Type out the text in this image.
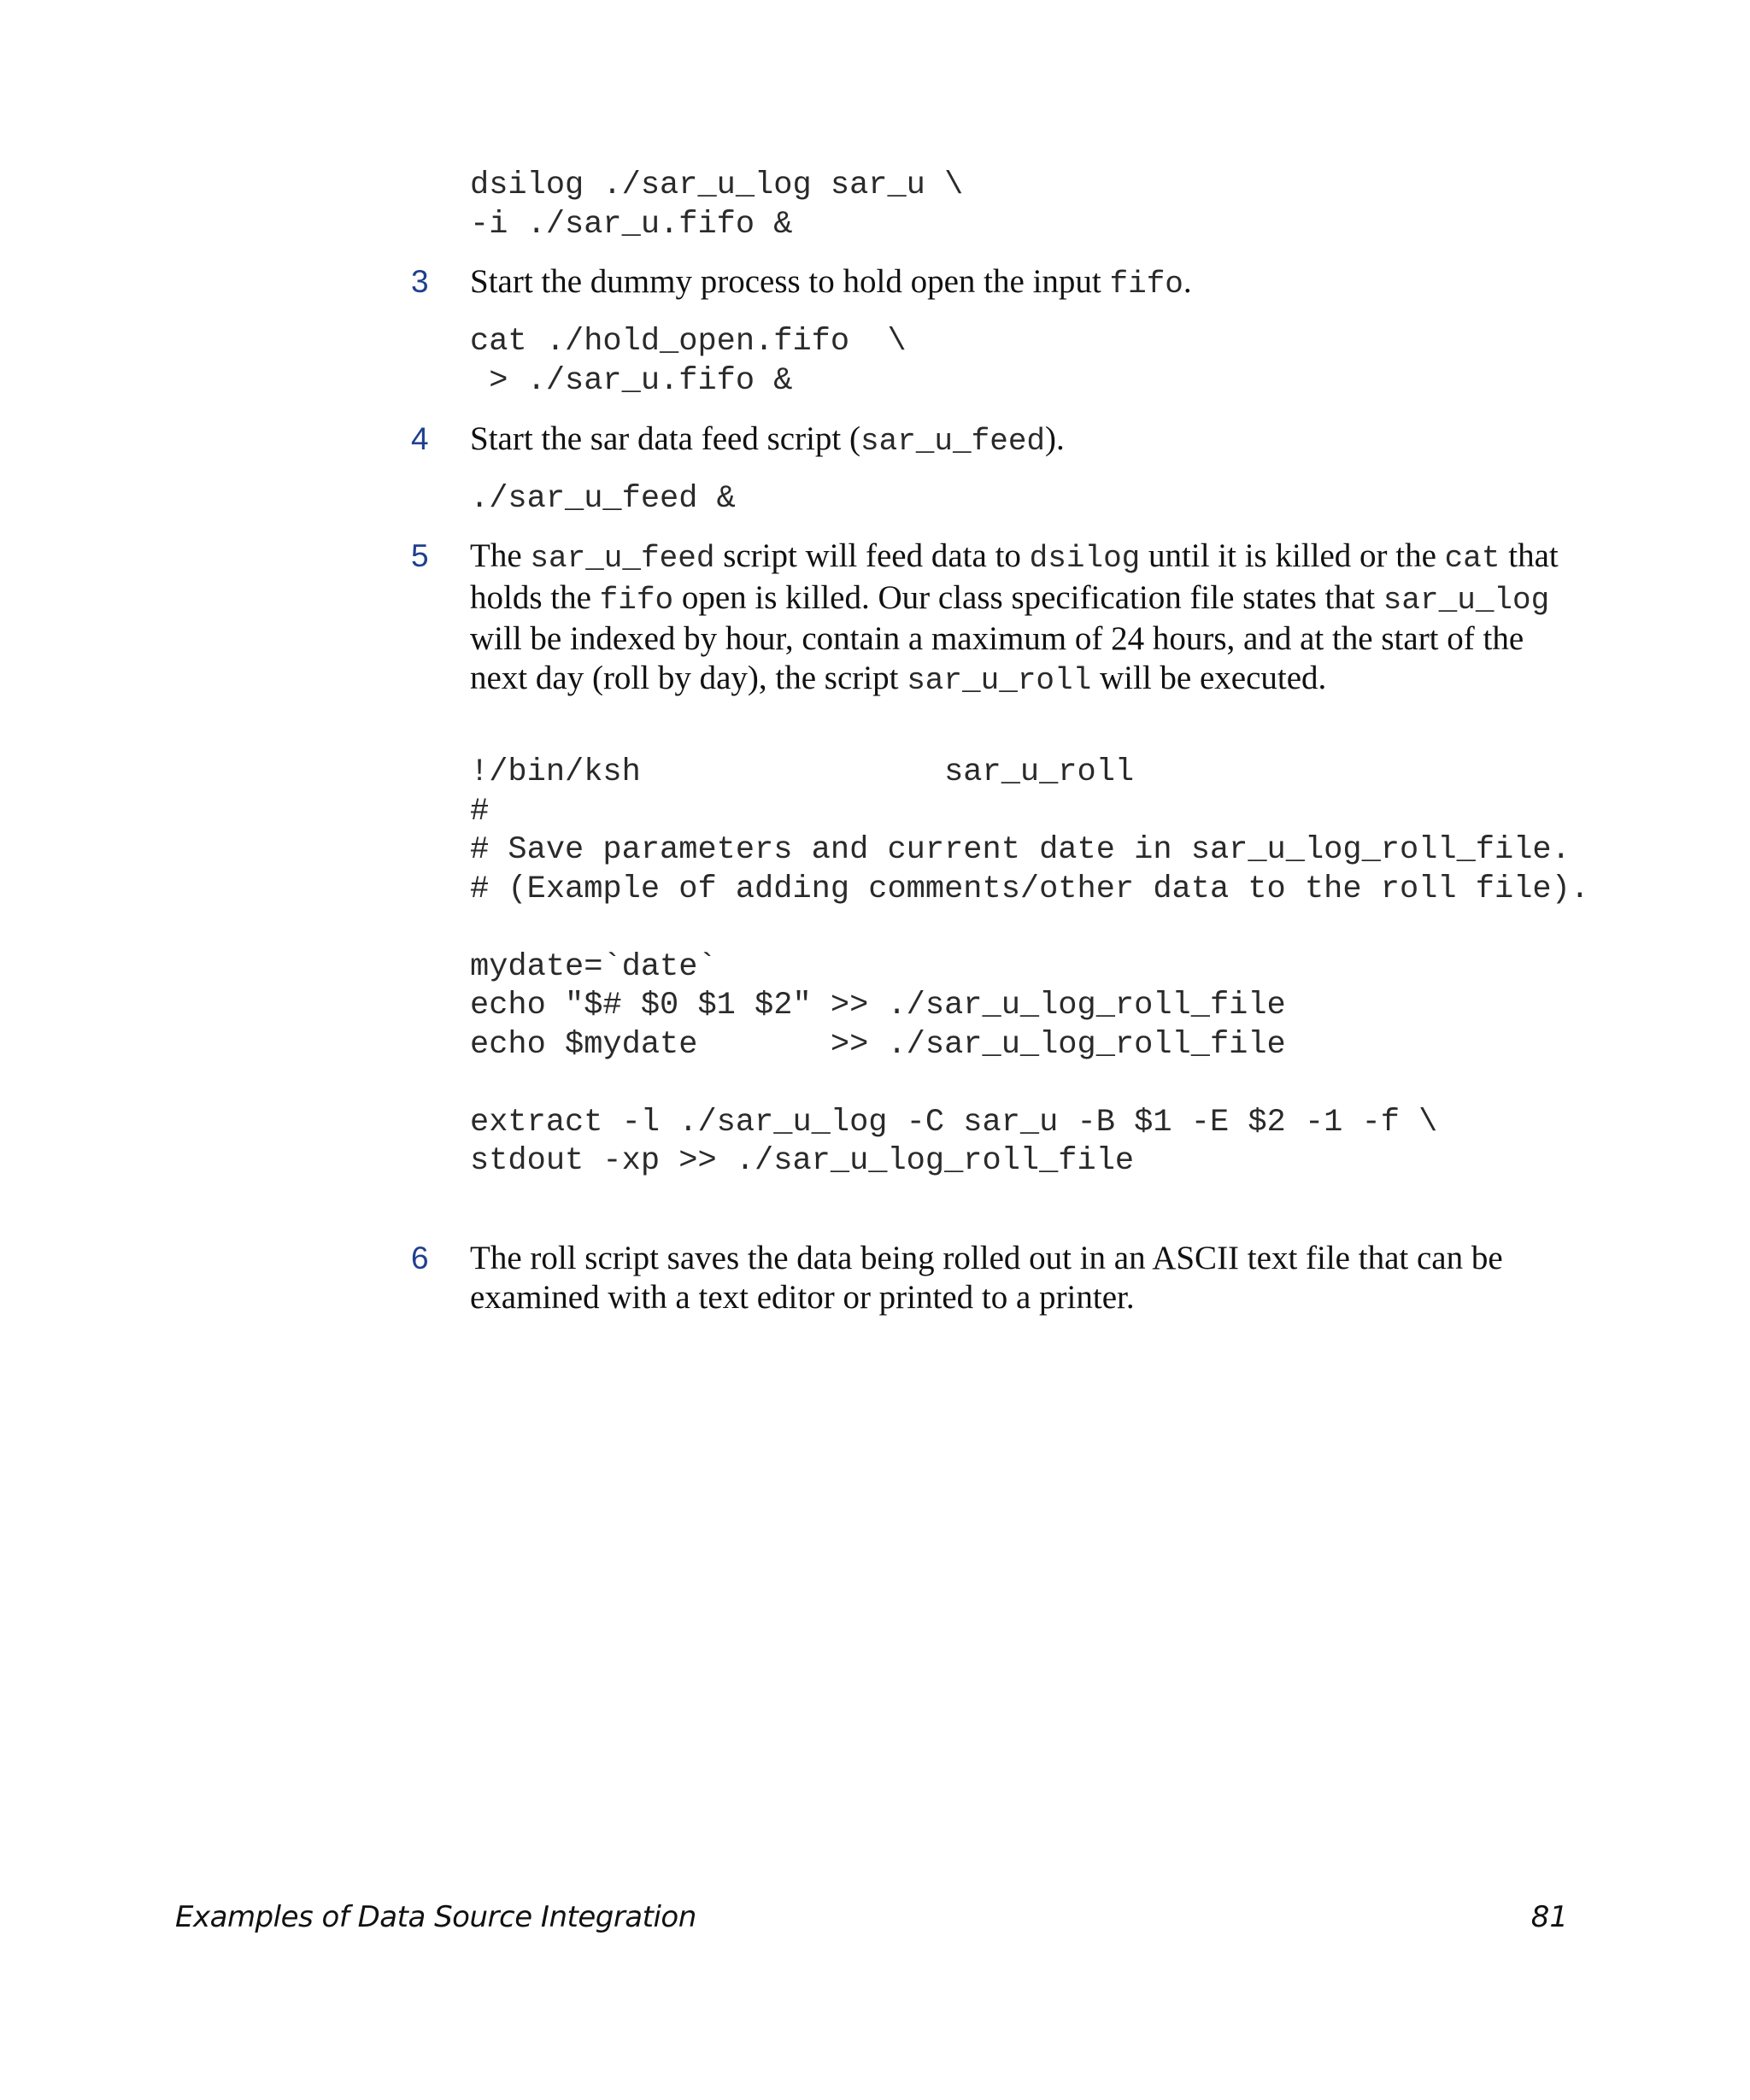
dsilog ./sar_u_log sar_u \
-i ./sar_u.fifo &
3 Start the dummy process to hold open the input fifo.
cat ./hold_open.fifo  \
> ./sar_u.fifo &
4 Start the sar data feed script (sar_u_feed).
./sar_u_feed &
5 The sar_u_feed script will feed data to dsilog until it is killed or the cat that holds the fifo open is killed. Our class specification file states that sar_u_log will be indexed by hour, contain a maximum of 24 hours, and at the start of the next day (roll by day), the script sar_u_roll will be executed.
!/bin/ksh                sar_u_roll
#
# Save parameters and current date in sar_u_log_roll_file.
# (Example of adding comments/other data to the roll file).

mydate=`date`
echo "$# $0 $1 $2" >> ./sar_u_log_roll_file
echo $mydate       >> ./sar_u_log_roll_file

extract -l ./sar_u_log -C sar_u -B $1 -E $2 -1 -f \
stdout -xp >> ./sar_u_log_roll_file
6 The roll script saves the data being rolled out in an ASCII text file that can be examined with a text editor or printed to a printer.
Examples of Data Source Integration	81
